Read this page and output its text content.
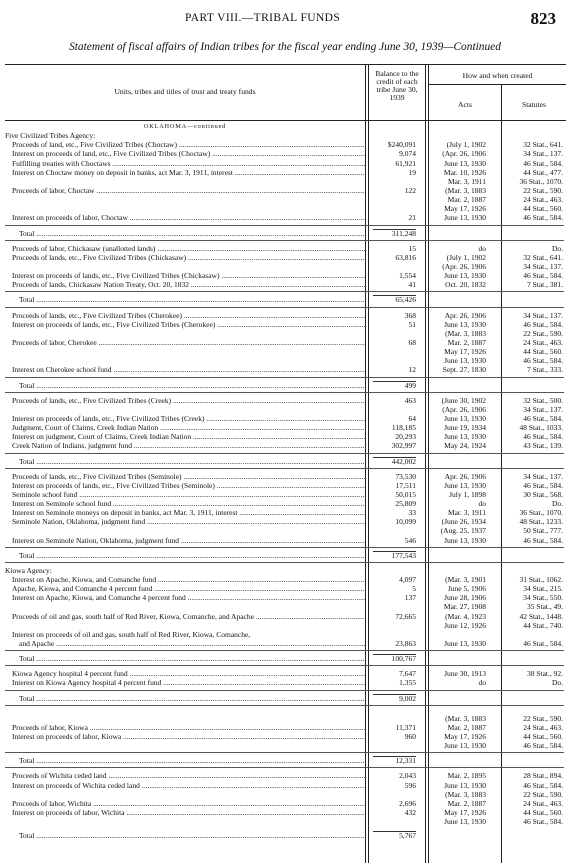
PART VIII.—TRIBAL FUNDS	823
Statement of fiscal affairs of Indian tribes for the fiscal year ending June 30, 1939—Continued
Units, tribes and titles of trust and treaty funds
Balance to the
credit of each
tribe June 30,
1939
How and when created
Acts	Statutes
OKLAHOMA—continued
Five Civilized Tribes Agency:
Proceeds of land, etc., Five Civilized Tribes (Choctaw) .....	$240,091	(July 1, 1902	32 Stat., 641.
Interest on proceeds of land, etc., Five Civilized Tribes (Choctaw) .....	9,074	(Apr. 26, 1906	34 Stat., 137.
Fulfilling treaties with Choctaws .....	61,921	June 13, 1930	46 Stat., 584.
Interest on Choctaw money on deposit in banks, act Mar. 3, 1911, interest .....	19	Mar. 10, 1926	44 Stat., 477.
Mar. 3, 1911	36 Stat., 1070.
Proceeds of labor, Choctaw .....	122	(Mar. 3, 1883	22 Stat., 590.
Mar. 2, 1887	24 Stat., 463.
May 17, 1926	44 Stat., 560.
Interest on proceeds of labor, Choctaw .....	21	June 13, 1930	46 Stat., 584.
Total .....	311,248
Proceeds of labor, Chickasaw (unallotted lands) .....	15	do	Do.
Proceeds of lands, etc., Five Civilized Tribes (Chickasaw) .....	63,816	(July 1, 1902	32 Stat., 641.
(Apr. 26, 1906	34 Stat., 137.
Interest on proceeds of lands, etc., Five Civilized Tribes (Chickasaw) .....	1,554	June 13, 1930	46 Stat., 584.
Proceeds of lands, Chickasaw Nation Treaty, Oct. 20, 1832 .....	41	Oct. 20, 1832	7 Stat., 381.
Total .....	65,426
Proceeds of lands, etc., Five Civilized Tribes (Cherokee) .....	368	Apr. 26, 1906	34 Stat., 137.
Interest on proceeds of lands, etc., Five Civilized Tribes (Cherokee) .....	51	June 13, 1930	46 Stat., 584.
(Mar. 3, 1883	22 Stat., 590.
Proceeds of labor, Cherokee .....	68	Mar. 2, 1887	24 Stat., 463.
May 17, 1926	44 Stat., 560.
June 13, 1930	46 Stat., 584.
Interest on Cherokee school fund .....	12	Sept. 27, 1830	7 Stat., 333.
Total .....	499
Proceeds of lands, etc., Five Civilized Tribes (Creek) .....	463	(June 30, 1902	32 Stat., 500.
(Apr. 26, 1906	34 Stat., 137.
Interest on proceeds of lands, etc., Five Civilized Tribes (Creek) .....	64	June 13, 1930	46 Stat., 584.
Judgment, Court of Claims, Creek Indian Nation .....	118,185	June 19, 1934	48 Stat., 1033.
Interest on judgment, Court of Claims, Creek Indian Nation .....	20,293	June 13, 1930	46 Stat., 584.
Creek Nation of Indians, judgment fund .....	302,997	May 24, 1924	43 Stat., 139.
Total .....	442,002
Proceeds of lands, etc., Five Civilized Tribes (Seminole) .....	73,530	Apr. 26, 1906	34 Stat., 137.
Interest on proceeds of lands, etc., Five Civilized Tribes (Seminole) .....	17,511	June 13, 1930	46 Stat., 584.
Seminole school fund .....	50,015	July 1, 1898	30 Stat., 568.
Interest on Seminole school fund .....	25,809	do	Do.
Interest on Seminole moneys on deposit in banks, act Mar. 3, 1911, interest .....	33	Mar. 3, 1911	36 Stat., 1070.
Seminole Nation, Oklahoma, judgment fund .....	10,099	(June 26, 1934	48 Stat., 1233.
(Aug. 25, 1937	50 Stat., 777.
Interest on Seminole Nation, Oklahoma, judgment fund .....	546	June 13, 1930	46 Stat., 584.
Total .....	177,543
Kiowa Agency:
Interest on Apache, Kiowa, and Comanche fund .....	4,097	(Mar. 3, 1901	31 Stat., 1062.
Apache, Kiowa, and Comanche 4 percent fund .....	5	June 5, 1906	34 Stat., 215.
Interest on Apache, Kiowa, and Comanche 4 percent fund .....	137	June 28, 1906	34 Stat., 550.
Mar. 27, 1908	35 Stat., 49.
Proceeds of oil and gas, south half of Red River, Kiowa, Comanche, and Apache .....	72,665	(Mar. 4, 1923	42 Stat., 1448.
June 12, 1926	44 Stat., 740.
Interest on proceeds of oil and gas, south half of Red River, Kiowa, Comanche,
and Apache .....	23,863	June 13, 1930	46 Stat., 584.
Total .....	100,767
Kiowa Agency hospital 4 percent fund .....	7,647	June 30, 1913	38 Stat., 92.
Interest on Kiowa Agency hospital 4 percent fund .....	1,355	do	Do.
Total .....	9,002
(Mar. 3, 1883	22 Stat., 590.
Proceeds of labor, Kiowa .....	11,371	Mar. 2, 1887	24 Stat., 463.
Interest on proceeds of labor, Kiowa .....	960	May 17, 1926	44 Stat., 560.
June 13, 1930	46 Stat., 584.
Total .....	12,331
Proceeds of Wichita ceded land .....	2,043	Mar. 2, 1895	28 Stat., 894.
Interest on proceeds of Wichita ceded land .....	596	June 13, 1930	46 Stat., 584.
(Mar. 3, 1883	22 Stat., 590.
Proceeds of labor, Wichita .....	2,696	Mar. 2, 1887	24 Stat., 463.
Interest on proceeds of labor, Wichita .....	432	May 17, 1926	44 Stat., 560.
June 13, 1930	46 Stat., 584.
Total .....	5,767
